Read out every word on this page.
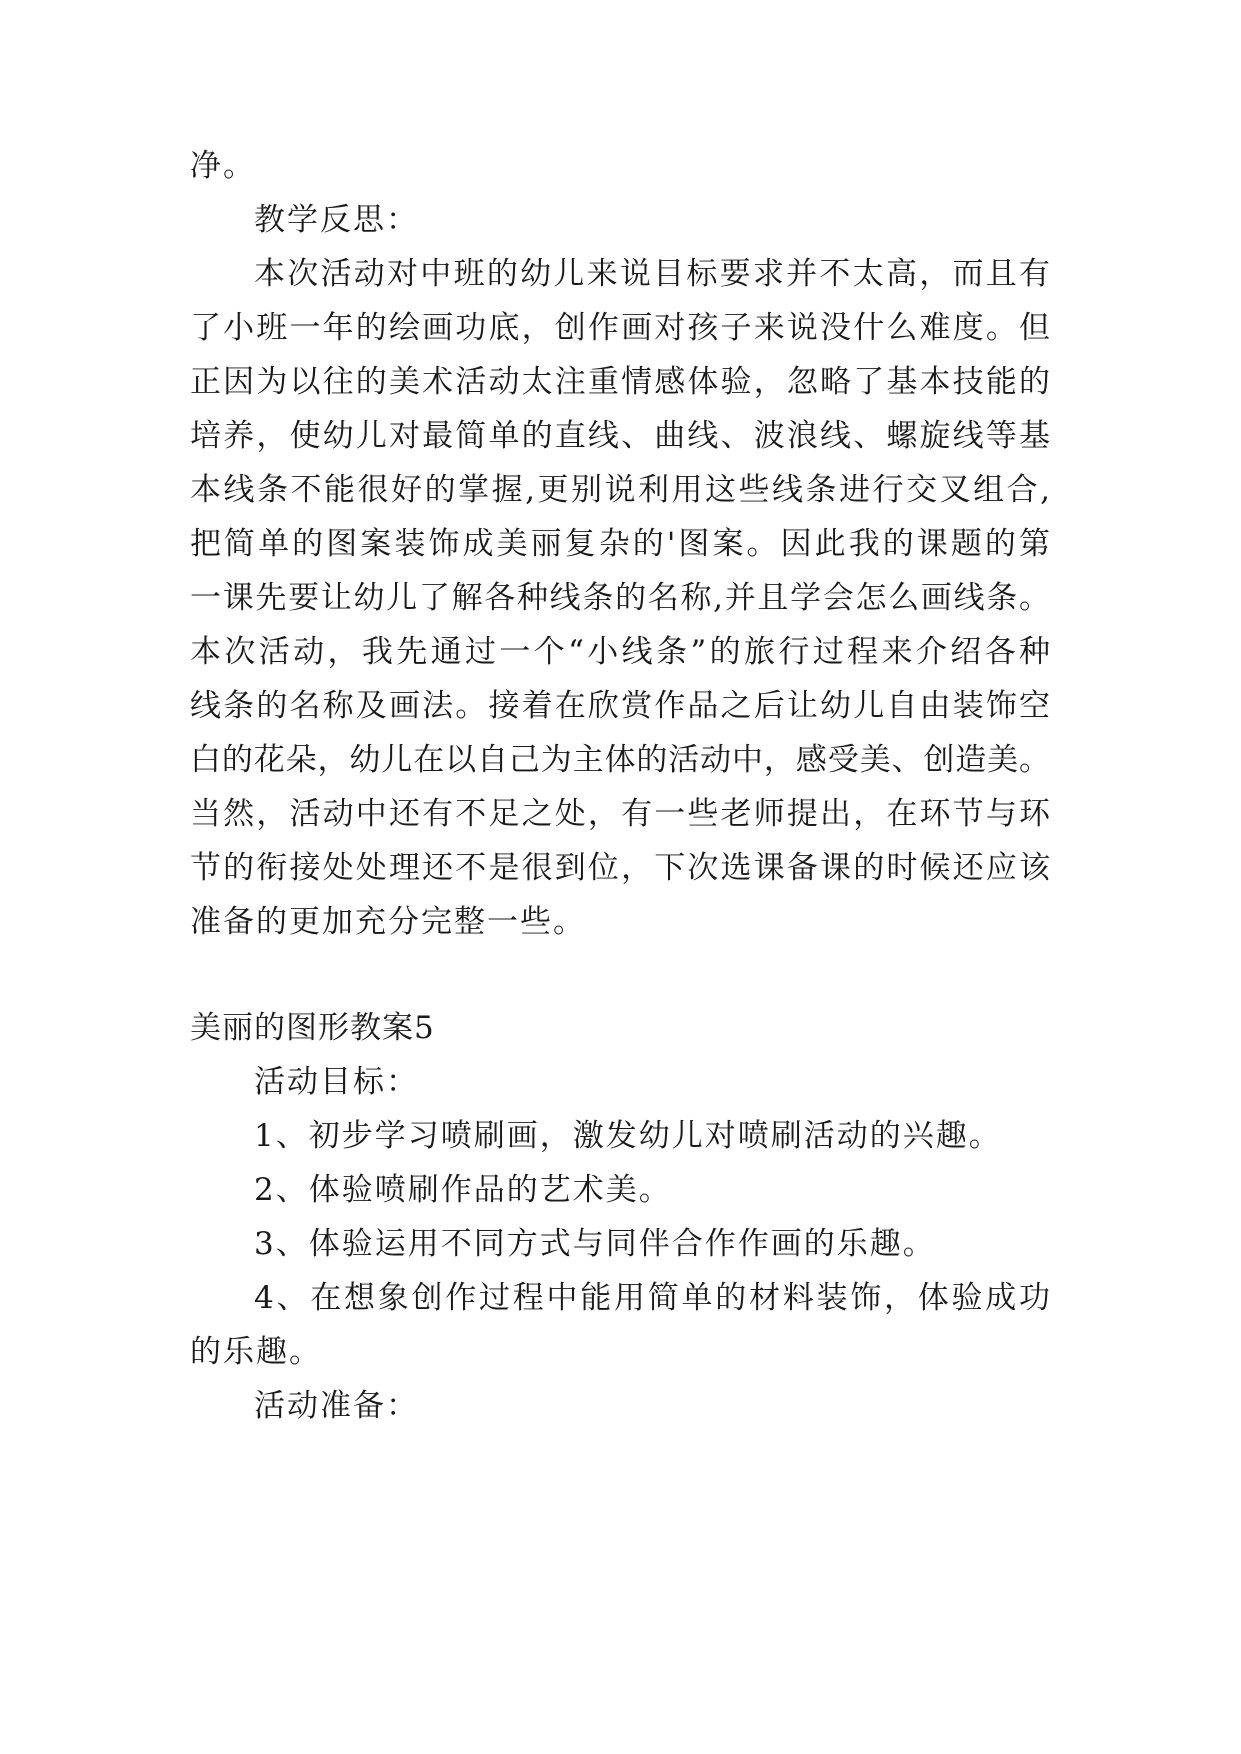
净。
教学反思：
本次活动对中班的幼儿来说目标要求并不太高，而且有
了小班一年的绘画功底，创作画对孩子来说没什么难度。但
正因为以往的美术活动太注重情感体验，忽略了基本技能的
培养，使幼儿对最简单的直线、曲线、波浪线、螺旋线等基
本线条不能很好的掌握,更别说利用这些线条进行交叉组合,
把简单的图案装饰成美丽复杂的'图案。因此我的课题的第
一课先要让幼儿了解各种线条的名称,并且学会怎么画线条。
本次活动，我先通过一个“小线条”的旅行过程来介绍各种
线条的名称及画法。接着在欣赏作品之后让幼儿自由装饰空
白的花朵，幼儿在以自己为主体的活动中，感受美、创造美。
当然，活动中还有不足之处，有一些老师提出，在环节与环
节的衔接处处理还不是很到位，下次选课备课的时候还应该
准备的更加充分完整一些。
美丽的图形教案5
活动目标：
1、初步学习喷刷画，激发幼儿对喷刷活动的兴趣。
2、体验喷刷作品的艺术美。
3、体验运用不同方式与同伴合作作画的乐趣。
4、在想象创作过程中能用简单的材料装饰，体验成功
的乐趣。
活动准备：
